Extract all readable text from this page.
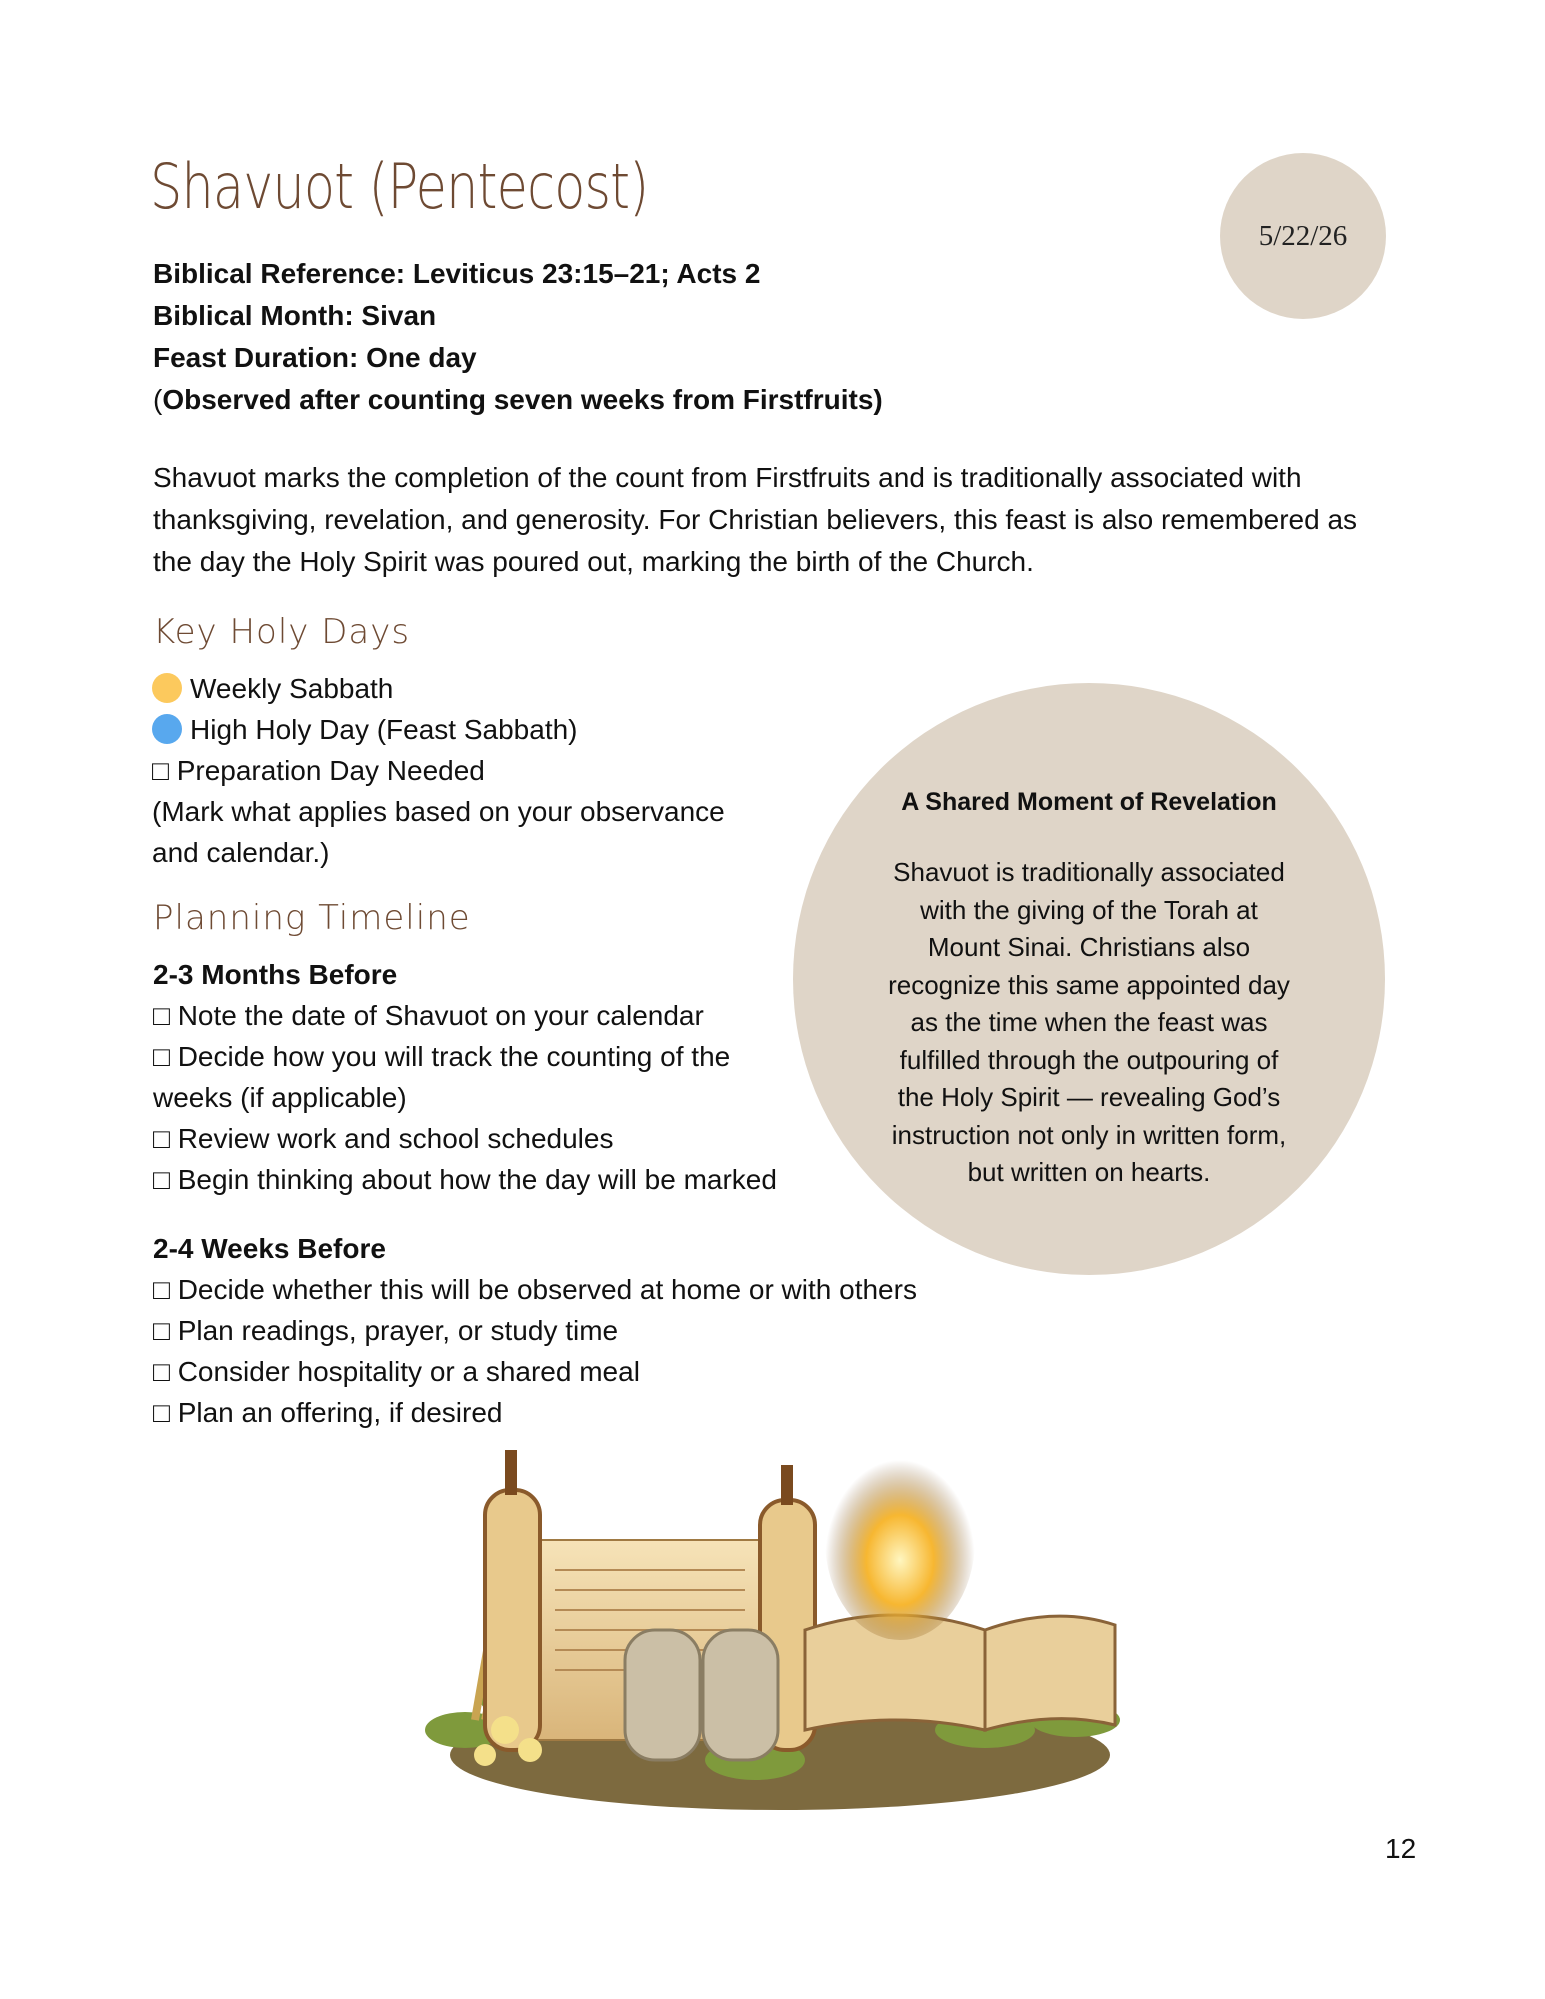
Shavuot (Pentecost)
5/22/26
Biblical Reference: Leviticus 23:15–21; Acts 2
Biblical Month: Sivan
Feast Duration: One day
(Observed after counting seven weeks from Firstfruits)

Shavuot marks the completion of the count from Firstfruits and is traditionally associated with thanksgiving, revelation, and generosity. For Christian believers, this feast is also remembered as the day the Holy Spirit was poured out, marking the birth of the Church.

Key Holy Days
Weekly Sabbath
High Holy Day (Feast Sabbath)
□ Preparation Day Needed
(Mark what applies based on your observance
and calendar.)
Planning Timeline
2-3 Months Before
□ Note the date of Shavuot on your calendar
□ Decide how you will track the counting of the
weeks (if applicable)
□ Review work and school schedules
□ Begin thinking about how the day will be marked
2-4 Weeks Before
□ Decide whether this will be observed at home or with others
□ Plan readings, prayer, or study time
□ Consider hospitality or a shared meal
□ Plan an offering, if desired
A Shared Moment of Revelation

Shavuot is traditionally associated
with the giving of the Torah at
Mount Sinai. Christians also
recognize this same appointed day
as the time when the feast was
fulfilled through the outpouring of
the Holy Spirit — revealing God’s
instruction not only in written form,
but written on hearts.

12
